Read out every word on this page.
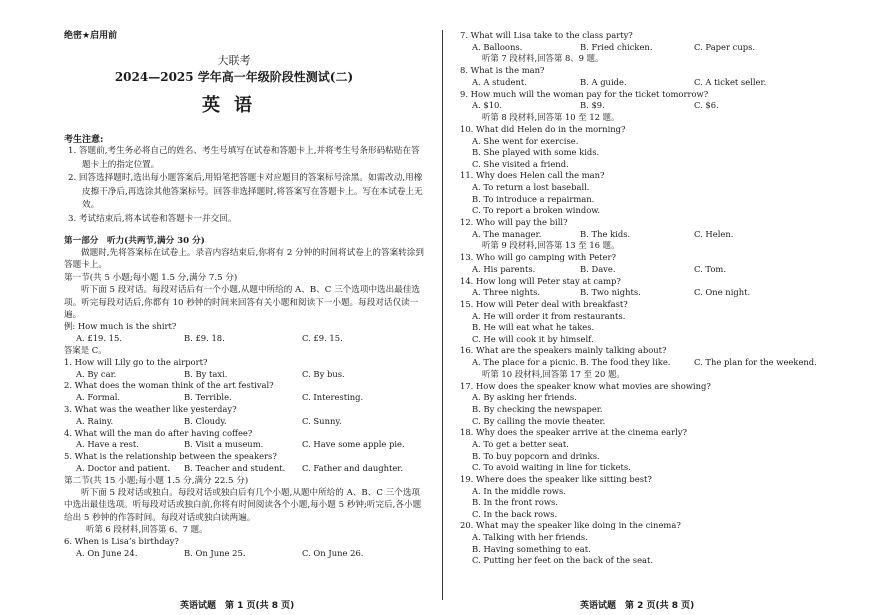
绝密★启用前
大联考
2024—2025 学年高一年级阶段性测试(二)
英语
考生注意:

1. 答题前,考生务必将自己的姓名、考生号填写在试卷和答题卡上,并将考生号条形码粘贴在答题卡上的指定位置。

2. 回答选择题时,选出每小题答案后,用铅笔把答题卡对应题目的答案标号涂黑。如需改动,用橡皮擦干净后,再选涂其他答案标号。回答非选择题时,将答案写在答题卡上。写在本试卷上无效。

3. 考试结束后,将本试卷和答题卡一并交回。

第一部分　听力(共两节,满分 30 分)

做题时,先将答案标在试卷上。录音内容结束后,你将有 2 分钟的时间将试卷上的答案转涂到答题卡上。

第一节(共 5 小题;每小题 1.5 分,满分 7.5 分)

听下面 5 段对话。每段对话后有一个小题,从题中所给的 A、B、C 三个选项中选出最佳选项。听完每段对话后,你都有 10 秒钟的时间来回答有关小题和阅读下一小题。每段对话仅读一遍。

例: How much is the shirt?
A. £19. 15.	B. £9. 18.	C. £9. 15.
答案是 C。
1. How will Lily go to the airport?
A. By car.	B. By taxi.	C. By bus.
2. What does the woman think of the art festival?
A. Formal.	B. Terrible.	C. Interesting.
3. What was the weather like yesterday?
A. Rainy.	B. Cloudy.	C. Sunny.
4. What will the man do after having coffee?
A. Have a rest.	B. Visit a museum.	C. Have some apple pie.
5. What is the relationship between the speakers?
A. Doctor and patient.	B. Teacher and student.	C. Father and daughter.
第二节(共 15 小题;每小题 1.5 分,满分 22.5 分)

听下面 5 段对话或独白。每段对话或独白后有几个小题,从题中所给的 A、B、C 三个选项中选出最佳选项。听每段对话或独白前,你将有时间阅读各个小题,每小题 5 秒钟;听完后,各小题给出 5 秒钟的作答时间。每段对话或独白读两遍。

听第 6 段材料,回答第 6、7 题。
6. When is Lisa’s birthday?
A. On June 24.	B. On June 25.	C. On June 26.
7. What will Lisa take to the class party?
A. Balloons.	B. Fried chicken.	C. Paper cups.
听第 7 段材料,回答第 8、9 题。
8. What is the man?
A. A student.	B. A guide.	C. A ticket seller.
9. How much will the woman pay for the ticket tomorrow?
A. $10.	B. $9.	C. $6.
听第 8 段材料,回答第 10 至 12 题。
10. What did Helen do in the morning?
A. She went for exercise.
B. She played with some kids.
C. She visited a friend.
11. Why does Helen call the man?
A. To return a lost baseball.
B. To introduce a repairman.
C. To report a broken window.
12. Who will pay the bill?
A. The manager.	B. The kids.	C. Helen.
听第 9 段材料,回答第 13 至 16 题。
13. Who will go camping with Peter?
A. His parents.	B. Dave.	C. Tom.
14. How long will Peter stay at camp?
A. Three nights.	B. Two nights.	C. One night.
15. How will Peter deal with breakfast?
A. He will order it from restaurants.
B. He will eat what he takes.
C. He will cook it by himself.
16. What are the speakers mainly talking about?
A. The place for a picnic. B. The food they like.	C. The plan for the weekend.
听第 10 段材料,回答第 17 至 20 题。
17. How does the speaker know what movies are showing?
A. By asking her friends.
B. By checking the newspaper.
C. By calling the movie theater.
18. Why does the speaker arrive at the cinema early?
A. To get a better seat.
B. To buy popcorn and drinks.
C. To avoid waiting in line for tickets.
19. Where does the speaker like sitting best?
A. In the middle rows.
B. In the front rows.
C. In the back rows.
20. What may the speaker like doing in the cinema?
A. Talking with her friends.
B. Having something to eat.
C. Putting her feet on the back of the seat.
英语试题　第 1 页(共 8 页)	英语试题　第 2 页(共 8 页)
